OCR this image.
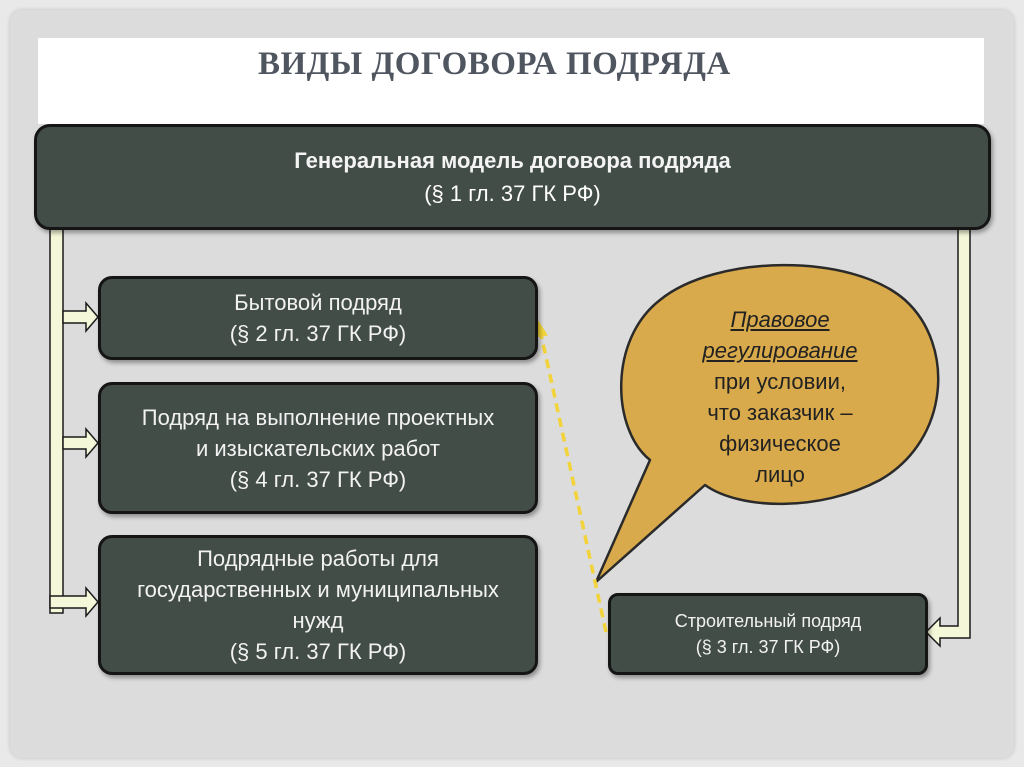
ВИДЫ ДОГОВОРА ПОДРЯДА
Генеральная модель договора подряда
(§ 1 гл. 37 ГК РФ)
Бытовой подряд
(§ 2 гл. 37 ГК РФ)
Подряд на выполнение проектных
и изыскательских работ
(§ 4 гл. 37 ГК РФ)
Подрядные работы для
государственных и муниципальных
нужд
(§ 5 гл. 37 ГК РФ)
Строительный подряд
(§ 3 гл. 37 ГК РФ)
Правовое
регулирование
при условии,
что заказчик –
физическое
лицо
